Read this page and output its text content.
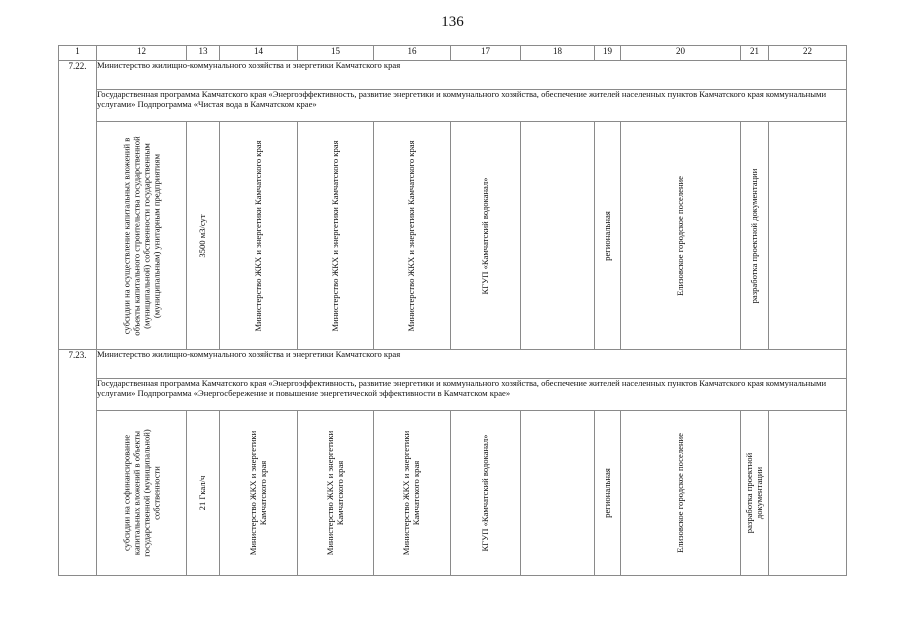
136
1	12	13	14	15	16	17	18	19	20	21	22
7.22.	Министерство жилищно-коммунального хозяйства и энергетики Камчатского края										
	Государственная программа Камчатского края «Энергоэффективность, развитие энергетики и коммунального хозяйства, обеспечение жителей населенных пунктов Камчатского края коммунальными услугами» Подпрограмма «Чистая вода в Камчатском крае»										

	субсидии на осуществление капитальных вложений в объекты капитального строительства государственной (муниципальной) собственности государственным (муниципальным) унитарным предприятиям	3500 м3/сут	Министерство ЖКХ и энергетики Камчатского края	Министерство ЖКХ и энергетики Камчатского края	Министерство ЖКХ и энергетики Камчатского края	КГУП «Камчатский водоканал»		региональная	Елизовское городское поселение	разработка проектной документации	

7.23.	Министерство жилищно-коммунального хозяйства и энергетики Камчатского края										
	Государственная программа Камчатского края «Энергоэффективность, развитие энергетики и коммунального хозяйства, обеспечение жителей населенных пунктов Камчатского края коммунальными услугами» Подпрограмма «Энергосбережение и повышение энергетической эффективности в Камчатском крае»										

	субсидии на софинансирование капитальных вложений в объекты государственной (муниципальной) собственности	21 Гкал/ч	Министерство ЖКХ и энергетики Камчатского края	Министерство ЖКХ и энергетики Камчатского края	Министерство ЖКХ и энергетики Камчатского края	КГУП «Камчатский водоканал»		региональная	Елизовское городское поселение	разработка проектной документации	
